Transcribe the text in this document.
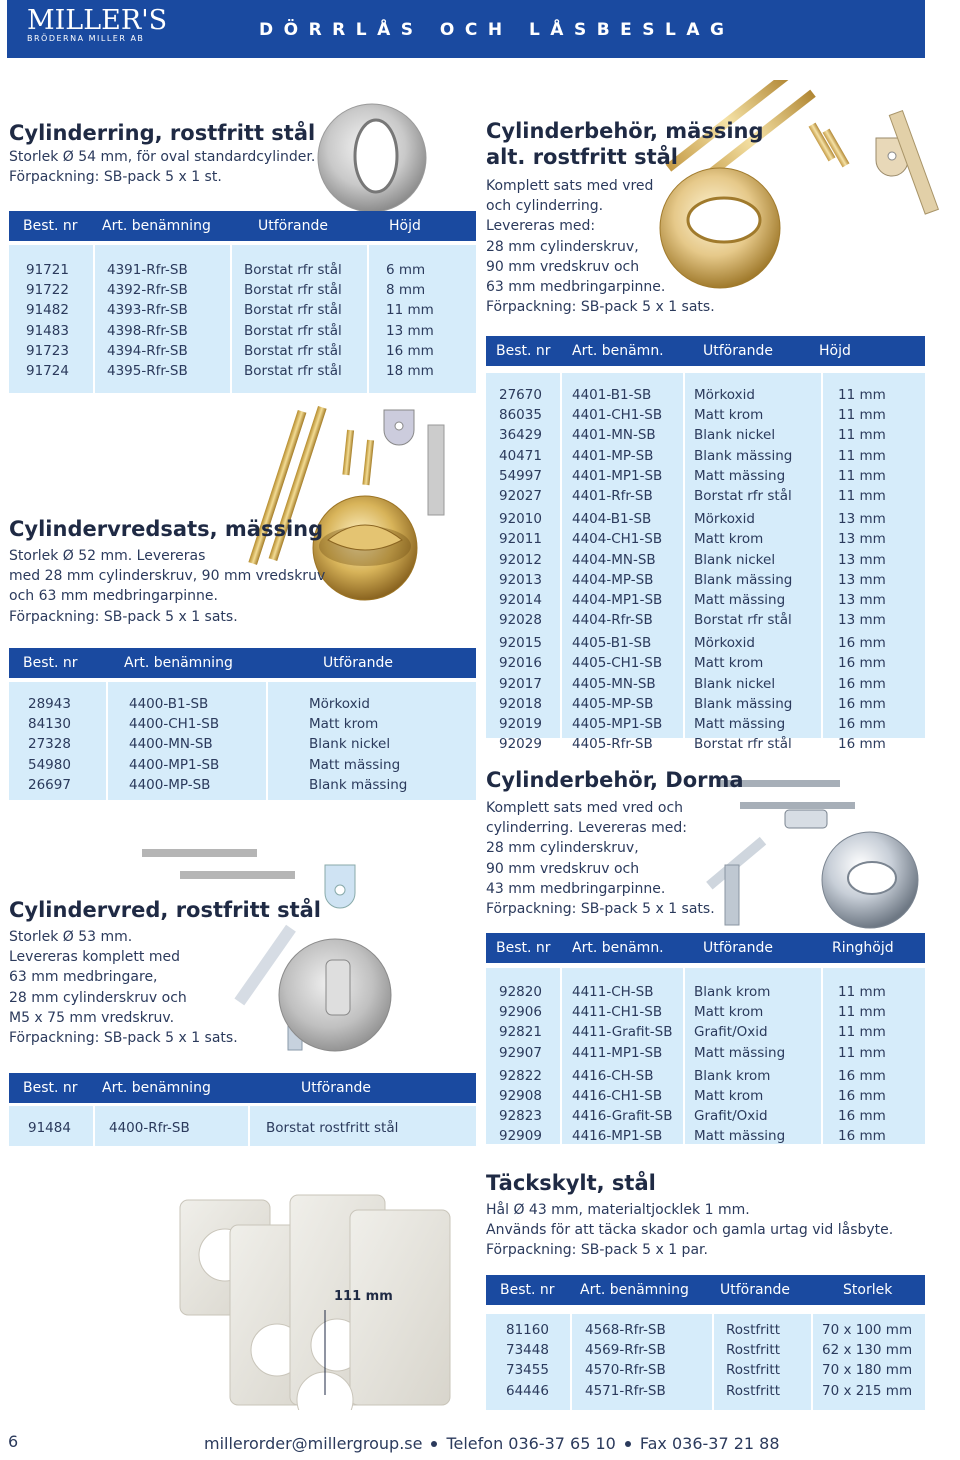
MILLER'S
BRÖDERNA MILLER AB	DÖRRLÅS OCH LÅSBESLAG
Cylinderring, rostfritt stål
Storlek Ø 54 mm, för oval standardcylinder.
Förpackning: SB-pack 5 x 1 st.
Best. nr Art. benämning	Utförande	Höjd
91721	4391-Rfr-SB	Borstat rfr stål	6 mm
91722	4392-Rfr-SB	Borstat rfr stål	8 mm
91482	4393-Rfr-SB	Borstat rfr stål	11 mm
91483	4398-Rfr-SB	Borstat rfr stål	13 mm
91723	4394-Rfr-SB	Borstat rfr stål	16 mm
91724	4395-Rfr-SB	Borstat rfr stål	18 mm
Cylindervredsats, mässing
Storlek Ø 52 mm. Levereras
med 28 mm cylinderskruv, 90 mm vredskruv
och 63 mm medbringarpinne.
Förpackning: SB-pack 5 x 1 sats.
Best. nr	Art. benämning	Utförande
28943	4400-B1-SB	Mörkoxid
84130	4400-CH1-SB	Matt krom
27328	4400-MN-SB	Blank nickel
54980	4400-MP1-SB	Matt mässing
26697	4400-MP-SB	Blank mässing
Cylindervred, rostfritt stål
Storlek Ø 53 mm.
Levereras komplett med
63 mm medbringare,
28 mm cylinderskruv och
M5 x 75 mm vredskruv.
Förpackning: SB-pack 5 x 1 sats.
Best. nr Art. benämning	Utförande
91484	4400-Rfr-SB	Borstat rostfritt stål
Cylinderbehör, mässing
alt. rostfritt stål
Komplett sats med vred
och cylinderring.
Levereras med:
28 mm cylinderskruv,
90 mm vredskruv och
63 mm medbringarpinne.
Förpackning: SB-pack 5 x 1 sats.
Best. nr Art. benämn.	Utförande	Höjd
27670 4401-B1-SB	Mörkoxid	11 mm
86035 4401-CH1-SB Matt krom	11 mm
36429 4401-MN-SB	Blank nickel	11 mm
40471 4401-MP-SB	Blank mässing	11 mm
54997 4401-MP1-SB Matt mässing	11 mm
92027 4401-Rfr-SB	Borstat rfr stål	11 mm
92010 4404-B1-SB	Mörkoxid	13 mm
92011 4404-CH1-SB Matt krom	13 mm
92012 4404-MN-SB	Blank nickel	13 mm
92013 4404-MP-SB	Blank mässing	13 mm
92014 4404-MP1-SB Matt mässing	13 mm
92028 4404-Rfr-SB	Borstat rfr stål	13 mm
92015 4405-B1-SB	Mörkoxid	16 mm
92016 4405-CH1-SB Matt krom	16 mm
92017 4405-MN-SB	Blank nickel	16 mm
92018 4405-MP-SB	Blank mässing	16 mm
92019 4405-MP1-SB Matt mässing	16 mm
92029 4405-Rfr-SB	Borstat rfr stål	16 mm
Cylinderbehör, Dorma
Komplett sats med vred och
cylinderring. Levereras med:
28 mm cylinderskruv,
90 mm vredskruv och
43 mm medbringarpinne.
Förpackning: SB-pack 5 x 1 sats.
Best. nr Art. benämn.	Utförande	Ringhöjd
92820 4411-CH-SB	Blank krom	11 mm
92906 4411-CH1-SB Matt krom	11 mm
92821 4411-Grafit-SB Grafit/Oxid	11 mm
92907 4411-MP1-SB Matt mässing	11 mm
92822 4416-CH-SB	Blank krom	16 mm
92908 4416-CH1-SB Matt krom	16 mm
92823 4416-Grafit-SB Grafit/Oxid	16 mm
92909 4416-MP1-SB Matt mässing	16 mm
111 mm
Täckskylt, stål
Hål Ø 43 mm, materialtjocklek 1 mm.
Används för att täcka skador och gamla urtag vid låsbyte.
Förpackning: SB-pack 5 x 1 par.
Best. nr Art. benämning Utförande	Storlek
81160	4568-Rfr-SB	Rostfritt	70 x 100 mm
73448	4569-Rfr-SB	Rostfritt	62 x 130 mm
73455	4570-Rfr-SB	Rostfritt	70 x 180 mm
64446	4571-Rfr-SB	Rostfritt	70 x 215 mm
6	millerorder@millergroup.se Telefon 036-37 65 10 Fax 036-37 21 88
